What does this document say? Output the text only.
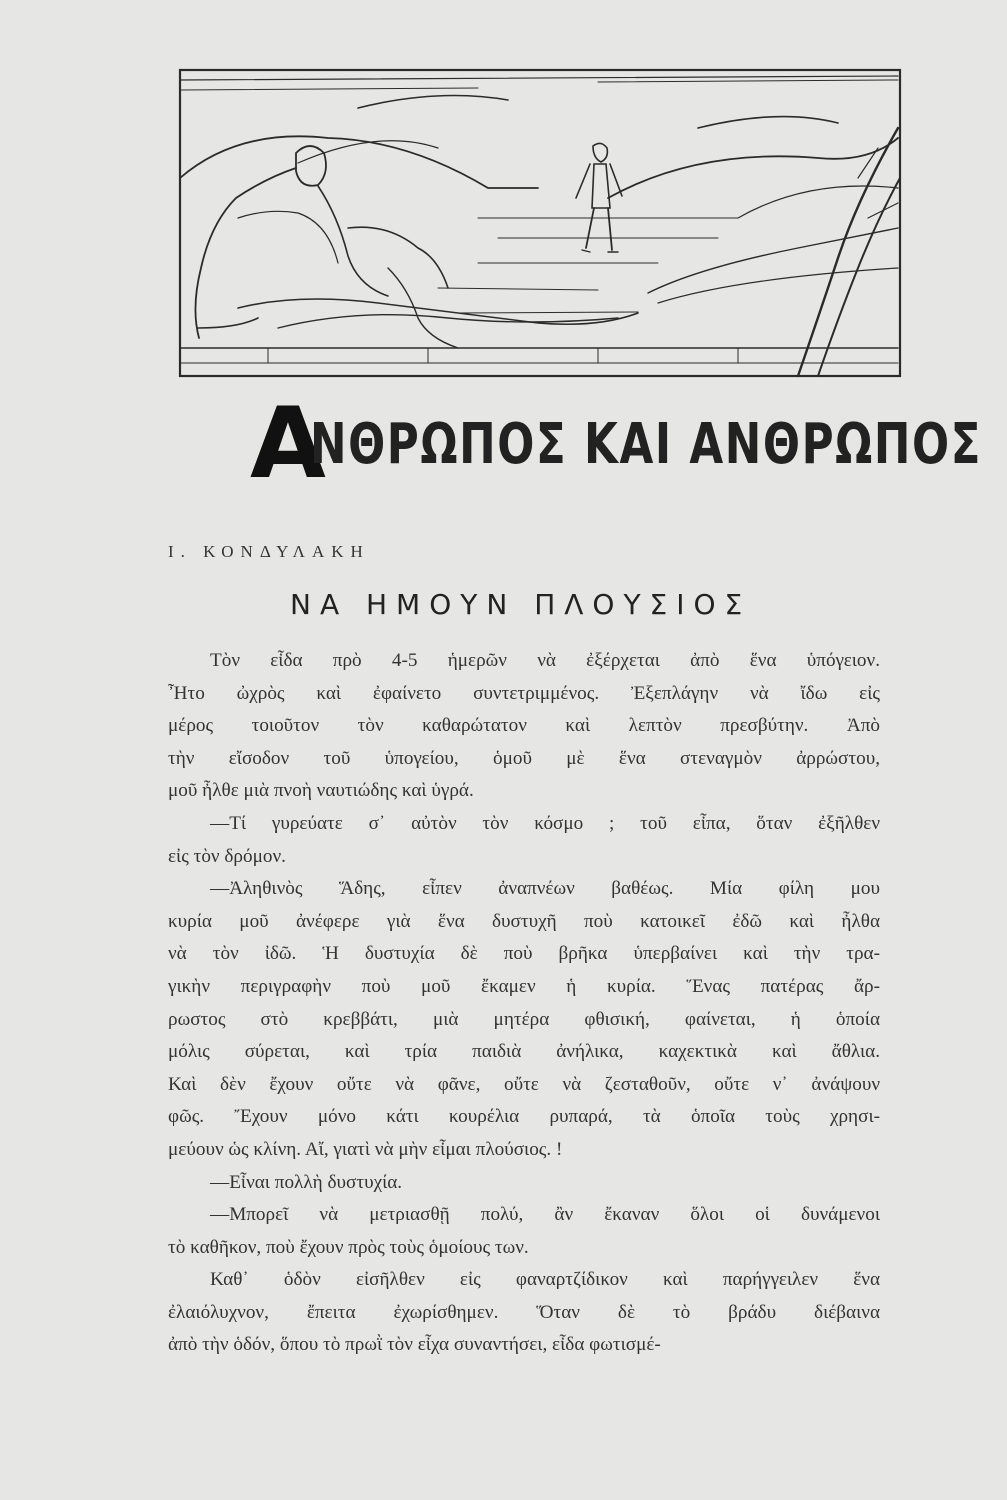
A
ΝΘΡΩΠΟΣ ΚΑΙ ΑΝΘΡΩΠΟΣ
Ι. ΚΟΝΔΥΛΑΚΗ
ΝΑ ΗΜΟΥΝ ΠΛΟΥΣΙΟΣ
Τὸν εἶδα πρὸ 4-5 ἡμερῶν νὰ ἐξέρχεται ἀπὸ ἕνα ὑπόγειον.
Ἦτο ὠχρὸς καὶ ἐφαίνετο συντετριμμένος. Ἐξεπλάγην νὰ ἴδω εἰς
μέρος τοιοῦτον τὸν καθαρώτατον καὶ λεπτὸν πρεσβύτην. Ἀπὸ
τὴν εἴσοδον τοῦ ὑπογείου, ὁμοῦ μὲ ἕνα στεναγμὸν ἀρρώστου,
μοῦ ἦλθε μιὰ πνοὴ ναυτιώδης καὶ ὑγρά.
—Τί γυρεύατε σ᾿ αὐτὸν τὸν κόσμο ; τοῦ εἶπα, ὅταν ἐξῆλθεν
εἰς τὸν δρόμον.
—Ἀληθινὸς Ἅδης, εἶπεν ἀναπνέων βαθέως. Μία φίλη μου
κυρία μοῦ ἀνέφερε γιὰ ἕνα δυστυχῆ ποὺ κατοικεῖ ἐδῶ καὶ ἦλθα
νὰ τὸν ἰδῶ. Ἡ δυστυχία δὲ ποὺ βρῆκα ὑπερβαίνει καὶ τὴν τρα-
γικὴν περιγραφὴν ποὺ μοῦ ἔκαμεν ἡ κυρία. Ἕνας πατέρας ἄρ-
ρωστος στὸ κρεββάτι, μιὰ μητέρα φθισική, φαίνεται, ἡ ὁποία
μόλις σύρεται, καὶ τρία παιδιὰ ἀνήλικα, καχεκτικὰ καὶ ἄθλια.
Καὶ δὲν ἔχουν οὔτε νὰ φᾶνε, οὔτε νὰ ζεσταθοῦν, οὔτε ν᾿ ἀνάψουν
φῶς. Ἔχουν μόνο κάτι κουρέλια ρυπαρά, τὰ ὁποῖα τοὺς χρησι-
μεύουν ὡς κλίνη. Αἴ, γιατὶ νὰ μὴν εἶμαι πλούσιος. !
—Εἶναι πολλὴ δυστυχία.
—Μπορεῖ νὰ μετριασθῇ πολύ, ἂν ἔκαναν ὅλοι οἱ δυνάμενοι
τὸ καθῆκον, ποὺ ἔχουν πρὸς τοὺς ὁμοίους των.
Καθ᾿ ὁδὸν εἰσῆλθεν εἰς φαναρτζίδικον καὶ παρήγγειλεν ἕνα
ἐλαιόλυχνον, ἔπειτα ἐχωρίσθημεν. Ὅταν δὲ τὸ βράδυ διέβαινα
ἀπὸ τὴν ὁδόν, ὅπου τὸ πρωῒ τὸν εἶχα συναντήσει, εἶδα φωτισμέ-
